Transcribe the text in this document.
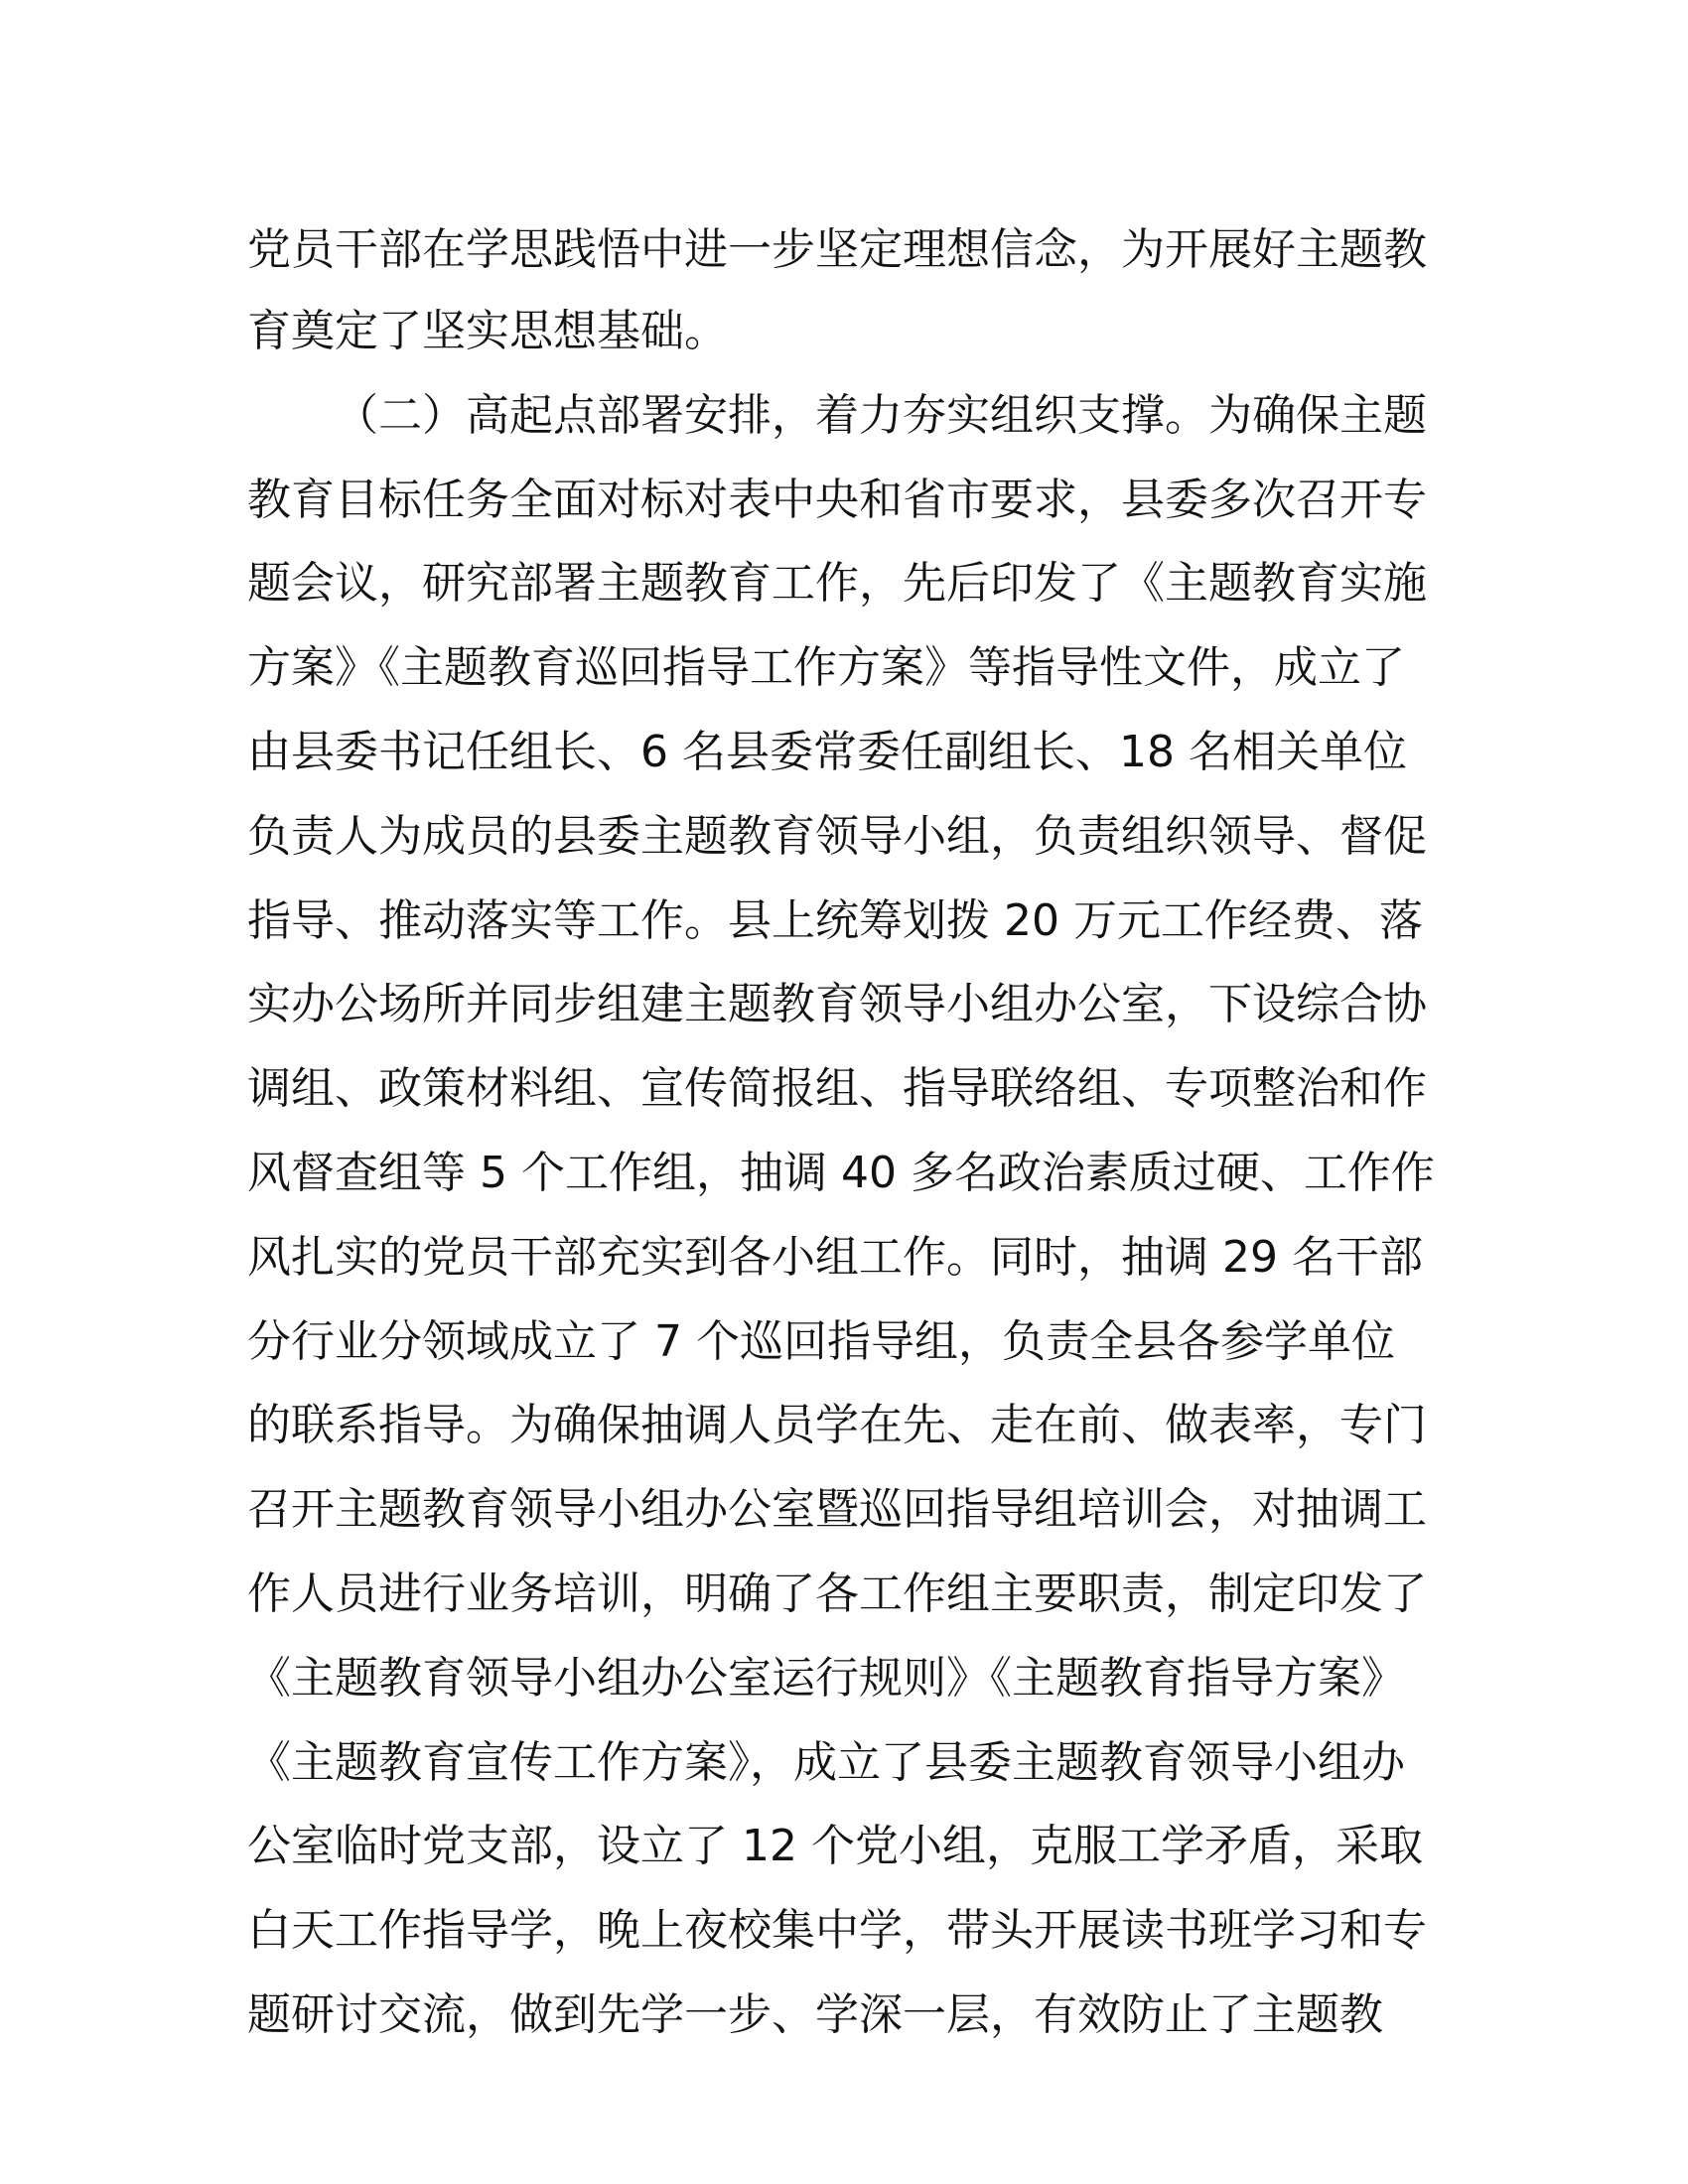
党员干部在学思践悟中进一步坚定理想信念，为开展好主题教
育奠定了坚实思想基础。
（二）高起点部署安排，着力夯实组织支撑。为确保主题
教育目标任务全面对标对表中央和省市要求，县委多次召开专
题会议，研究部署主题教育工作，先后印发了《主题教育实施
方案》《主题教育巡回指导工作方案》等指导性文件，成立了
由县委书记任组长、6 名县委常委任副组长、18 名相关单位
负责人为成员的县委主题教育领导小组，负责组织领导、督促
指导、推动落实等工作。县上统筹划拨 20 万元工作经费、落
实办公场所并同步组建主题教育领导小组办公室，下设综合协
调组、政策材料组、宣传简报组、指导联络组、专项整治和作
风督查组等 5 个工作组，抽调 40 多名政治素质过硬、工作作
风扎实的党员干部充实到各小组工作。同时，抽调 29 名干部
分行业分领域成立了 7 个巡回指导组，负责全县各参学单位
的联系指导。为确保抽调人员学在先、走在前、做表率，专门
召开主题教育领导小组办公室暨巡回指导组培训会，对抽调工
作人员进行业务培训，明确了各工作组主要职责，制定印发了
《主题教育领导小组办公室运行规则》《主题教育指导方案》
《主题教育宣传工作方案》，成立了县委主题教育领导小组办
公室临时党支部，设立了 12 个党小组，克服工学矛盾，采取
白天工作指导学，晚上夜校集中学，带头开展读书班学习和专
题研讨交流，做到先学一步、学深一层，有效防止了主题教
